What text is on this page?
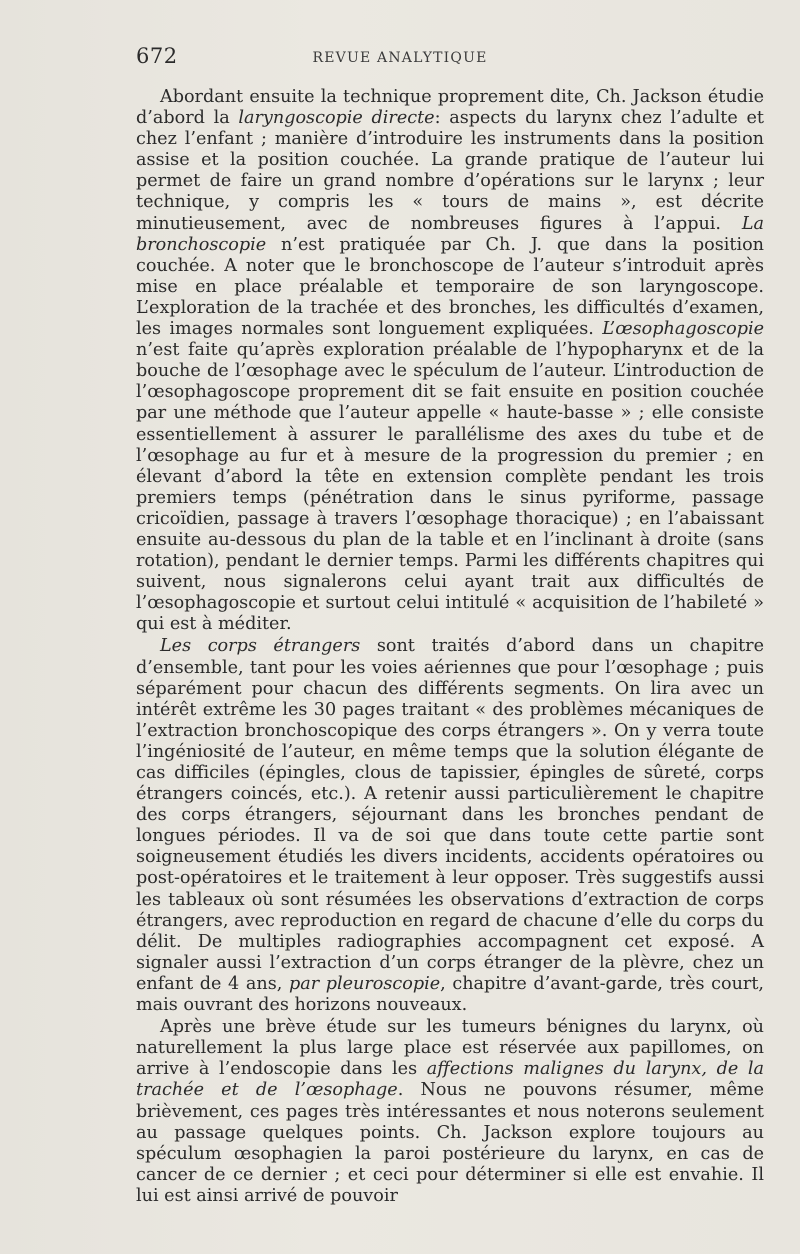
672	REVUE ANALYTIQUE

Abordant ensuite la technique proprement dite, Ch. Jackson étudie d’abord la laryngoscopie directe: aspects du larynx chez l’adulte et chez l’enfant ; manière d’introduire les instruments dans la position assise et la position couchée. La grande pratique de l’auteur lui permet de faire un grand nombre d’opérations sur le larynx ; leur technique, y compris les « tours de mains », est décrite minutieusement, avec de nombreuses figures à l’appui. La bronchoscopie n’est pratiquée par Ch. J. que dans la position couchée. A noter que le bronchoscope de l’auteur s’introduit après mise en place préalable et temporaire de son laryngoscope. L’exploration de la trachée et des bronches, les difficultés d’examen, les images normales sont longuement expliquées. L’œsophagoscopie n’est faite qu’après exploration préalable de l’hypopharynx et de la bouche de l’œsophage avec le spéculum de l’auteur. L’introduction de l’œsophagoscope proprement dit se fait ensuite en position couchée par une méthode que l’auteur appelle « haute-basse » ; elle consiste essentiellement à assurer le parallélisme des axes du tube et de l’œsophage au fur et à mesure de la progression du premier ; en élevant d’abord la tête en extension complète pendant les trois premiers temps (pénétration dans le sinus pyriforme, passage cricoïdien, passage à travers l’œsophage thoracique) ; en l’abaissant ensuite au-dessous du plan de la table et en l’inclinant à droite (sans rotation), pendant le dernier temps. Parmi les différents chapitres qui suivent, nous signalerons celui ayant trait aux difficultés de l’œsophagoscopie et surtout celui intitulé « acquisition de l’habileté » qui est à méditer.

Les corps étrangers sont traités d’abord dans un chapitre d’ensemble, tant pour les voies aériennes que pour l’œsophage ; puis séparément pour chacun des différents segments. On lira avec un intérêt extrême les 30 pages traitant « des problèmes mécaniques de l’extraction bronchoscopique des corps étrangers ». On y verra toute l’ingéniosité de l’auteur, en même temps que la solution élégante de cas difficiles (épingles, clous de tapissier, épingles de sûreté, corps étrangers coincés, etc.). A retenir aussi particulièrement le chapitre des corps étrangers, séjournant dans les bronches pendant de longues périodes. Il va de soi que dans toute cette partie sont soigneusement étudiés les divers incidents, accidents opératoires ou post-opératoires et le traitement à leur opposer. Très suggestifs aussi les tableaux où sont résumées les observations d’extraction de corps étrangers, avec reproduction en regard de chacune d’elle du corps du délit. De multiples radiographies accompagnent cet exposé. A signaler aussi l’extraction d’un corps étranger de la plèvre, chez un enfant de 4 ans, par pleuroscopie, chapitre d’avant-garde, très court, mais ouvrant des horizons nouveaux.

Après une brève étude sur les tumeurs bénignes du larynx, où naturellement la plus large place est réservée aux papillomes, on arrive à l’endoscopie dans les affections malignes du larynx, de la trachée et de l’œsophage. Nous ne pouvons résumer, même brièvement, ces pages très intéressantes et nous noterons seulement au passage quelques points. Ch. Jackson explore toujours au spéculum œsophagien la paroi postérieure du larynx, en cas de cancer de ce dernier ; et ceci pour déterminer si elle est envahie. Il lui est ainsi arrivé de pouvoir
